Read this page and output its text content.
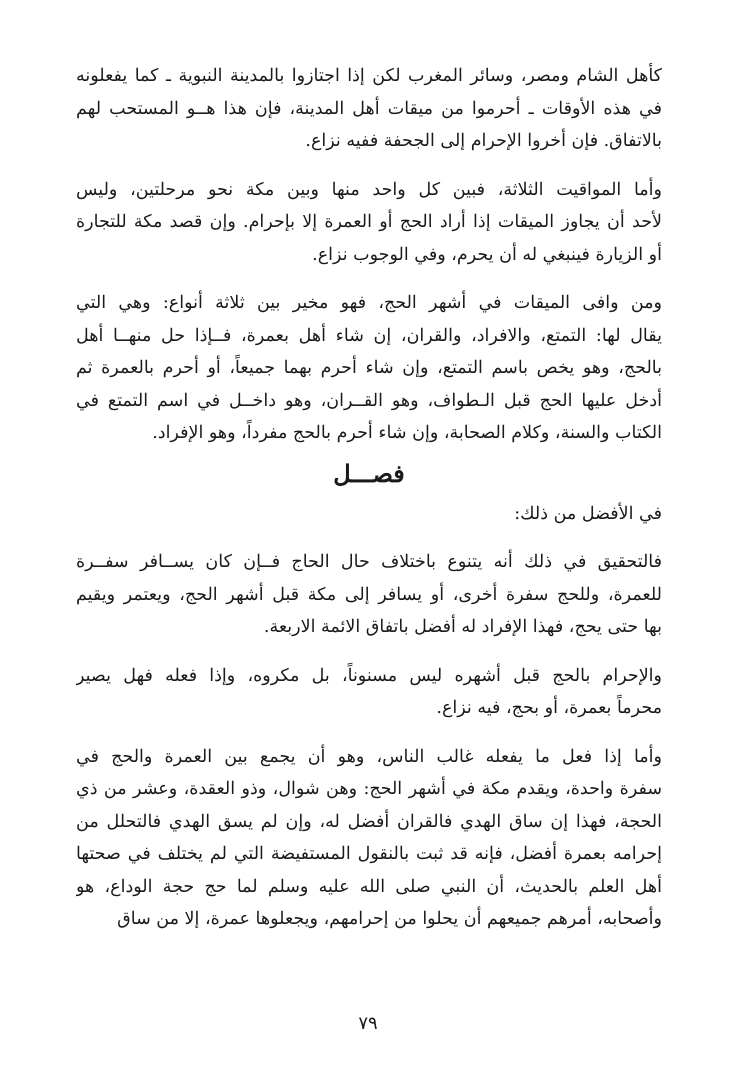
كأهل الشام ومصر، وسائر المغرب لكن إذا اجتازوا بالمدينة النبوية ـ كما يفعلونه
في هذه الأوقات ـ أحرموا من ميقات أهل المدينة، فإن هذا هــو المستحب لهم
بالاتفاق. فإن أخروا الإحرام إلى الجحفة ففيه نزاع.
وأما المواقيت الثلاثة، فبين كل واحد منها وبين مكة نحو مرحلتين، وليس
لأحد أن يجاوز الميقات إذا أراد الحج أو العمرة إلا بإحرام. وإن قصد مكة للتجارة
أو الزيارة فينبغي له أن يحرم، وفي الوجوب نزاع.
ومن وافى الميقات في أشهر الحج، فهو مخير بين ثلاثة أنواع: وهي التي
يقال لها: التمتع، والافراد، والقران، إن شاء أهل بعمرة، فــإذا حل منهــا أهل
بالحج، وهو يخص باسم التمتع، وإن شاء أحرم بهما جميعاً، أو أحرم بالعمرة ثم
أدخل عليها الحج قبل الـطواف، وهو القــران، وهو داخــل في اسم التمتع في
الكتاب والسنة، وكلام الصحابة، وإن شاء أحرم بالحج مفرداً، وهو الإفراد.
فصـــل
في الأفضل من ذلك:
فالتحقيق في ذلك أنه يتنوع باختلاف حال الحاج فــإن كان يســافر سفــرة
للعمرة، وللحج سفرة أخرى، أو يسافر إلى مكة قبل أشهر الحج، ويعتمر ويقيم
بها حتى يحج، فهذا الإفراد له أفضل باتفاق الائمة الاربعة.
والإحرام بالحج قبل أشهره ليس مسنوناً، بل مكروه، وإذا فعله فهل يصير
محرماً بعمرة، أو بحج، فيه نزاع.
وأما إذا فعل ما يفعله غالب الناس، وهو أن يجمع بين العمرة والحج في
سفرة واحدة، ويقدم مكة في أشهر الحج: وهن شوال، وذو العقدة، وعشر من ذي
الحجة، فهذا إن ساق الهدي فالقران أفضل له، وإن لم يسق الهدي فالتحلل من
إحرامه بعمرة أفضل، فإنه قد ثبت بالنقول المستفيضة التي لم يختلف في صحتها
أهل العلم بالحديث، أن النبي صلى الله عليه وسلم لما حج حجة الوداع، هو
وأصحابه، أمرهم جميعهم أن يحلوا من إحرامهم، ويجعلوها عمرة، إلا من ساق
٧٩
